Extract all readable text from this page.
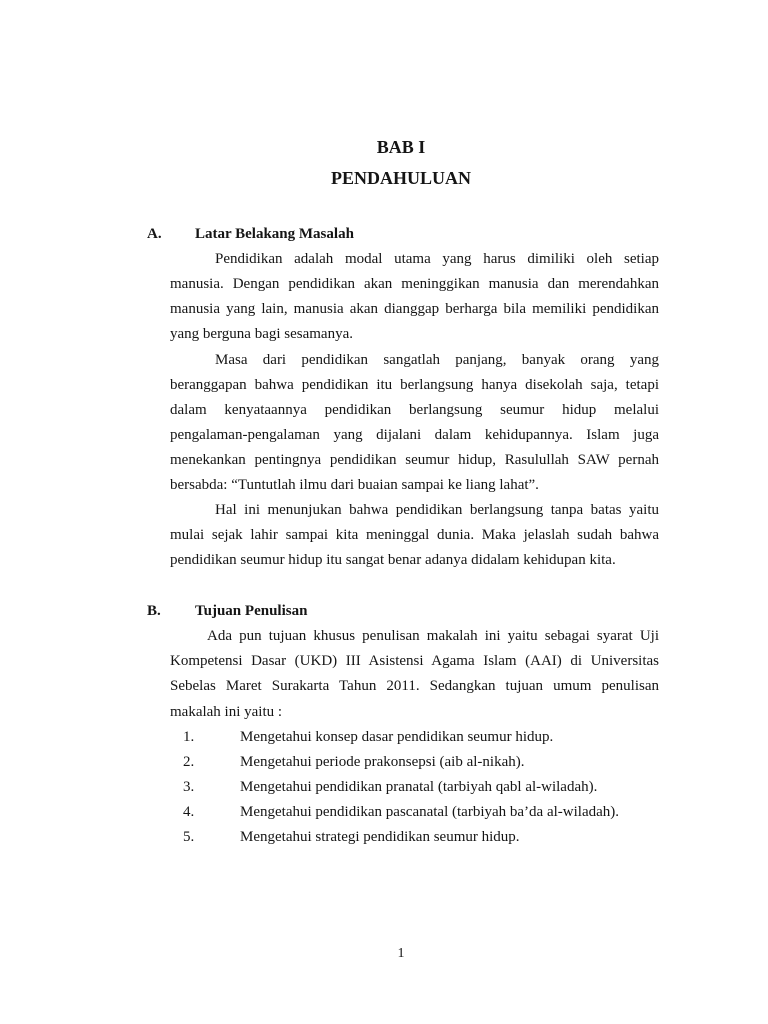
BAB I
PENDAHULUAN
A. Latar Belakang Masalah
Pendidikan adalah modal utama yang harus dimiliki oleh setiap
manusia. Dengan pendidikan akan meninggikan manusia dan merendahkan
manusia yang lain, manusia akan dianggap berharga bila memiliki pendidikan
yang berguna bagi sesamanya.
Masa dari pendidikan sangatlah panjang, banyak orang yang
beranggapan bahwa pendidikan itu berlangsung hanya disekolah saja, tetapi
dalam kenyataannya pendidikan berlangsung seumur hidup melalui
pengalaman-pengalaman yang dijalani dalam kehidupannya. Islam juga
menekankan pentingnya pendidikan seumur hidup, Rasulullah SAW pernah
bersabda: “Tuntutlah ilmu dari buaian sampai ke liang lahat”.
Hal ini menunjukan bahwa pendidikan berlangsung tanpa batas yaitu
mulai sejak lahir sampai kita meninggal dunia. Maka jelaslah sudah bahwa
pendidikan seumur hidup itu sangat benar adanya didalam kehidupan kita.
B. Tujuan Penulisan
Ada pun tujuan khusus penulisan makalah ini yaitu sebagai syarat Uji
Kompetensi Dasar (UKD) III Asistensi Agama Islam (AAI) di Universitas
Sebelas Maret Surakarta Tahun 2011. Sedangkan tujuan umum penulisan
makalah ini yaitu :
1.	Mengetahui konsep dasar pendidikan seumur hidup.
2.	Mengetahui periode prakonsepsi (aib al-nikah).
3.	Mengetahui pendidikan pranatal (tarbiyah qabl al-wiladah).
4.	Mengetahui pendidikan pascanatal (tarbiyah ba’da al-wiladah).
5.	Mengetahui strategi pendidikan seumur hidup.
1
